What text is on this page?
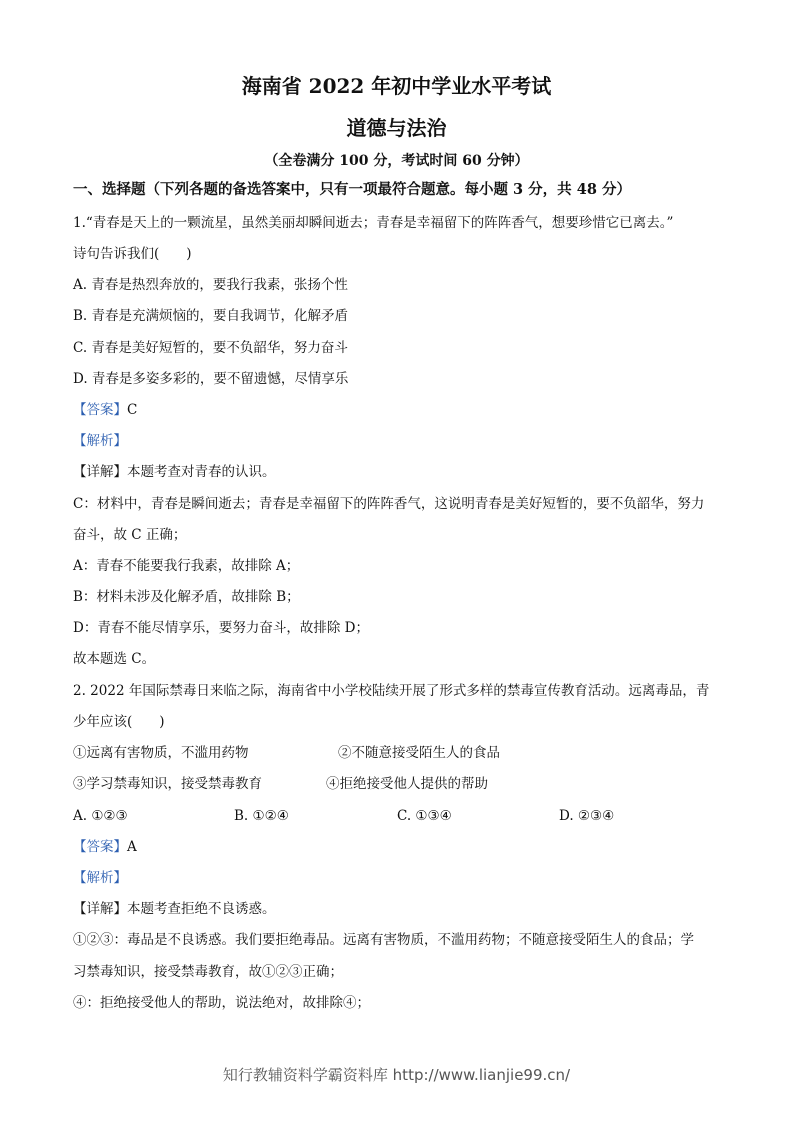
海南省 2022 年初中学业水平考试
道德与法治
（全卷满分 100 分，考试时间 60 分钟）
一、选择题（下列各题的备选答案中，只有一项最符合题意。每小题 3 分，共 48 分）
1.“青春是天上的一颗流星，虽然美丽却瞬间逝去；青春是幸福留下的阵阵香气，想要珍惜它已离去。”
诗句告诉我们(　　)
A. 青春是热烈奔放的，要我行我素，张扬个性
B. 青春是充满烦恼的，要自我调节，化解矛盾
C. 青春是美好短暂的，要不负韶华，努力奋斗
D. 青春是多姿多彩的，要不留遗憾，尽情享乐
【答案】C
【解析】
【详解】本题考查对青春的认识。
C：材料中，青春是瞬间逝去；青春是幸福留下的阵阵香气，这说明青春是美好短暂的，要不负韶华，努力
奋斗，故 C 正确；
A：青春不能要我行我素，故排除 A；
B：材料未涉及化解矛盾，故排除 B；
D：青春不能尽情享乐，要努力奋斗，故排除 D；
故本题选 C。
2. 2022 年国际禁毒日来临之际，海南省中小学校陆续开展了形式多样的禁毒宣传教育活动。远离毒品，青
少年应该(　　)
①远离有害物质，不滥用药物	②不随意接受陌生人的食品
③学习禁毒知识，接受禁毒教育	④拒绝接受他人提供的帮助
A. ①②③	B. ①②④	C. ①③④	D. ②③④
【答案】A
【解析】
【详解】本题考查拒绝不良诱惑。
①②③：毒品是不良诱惑。我们要拒绝毒品。远离有害物质，不滥用药物；不随意接受陌生人的食品；学
习禁毒知识，接受禁毒教育，故①②③正确；
④：拒绝接受他人的帮助，说法绝对，故排除④；
知行教辅资料学霸资料库 http://www.lianjie99.cn/
